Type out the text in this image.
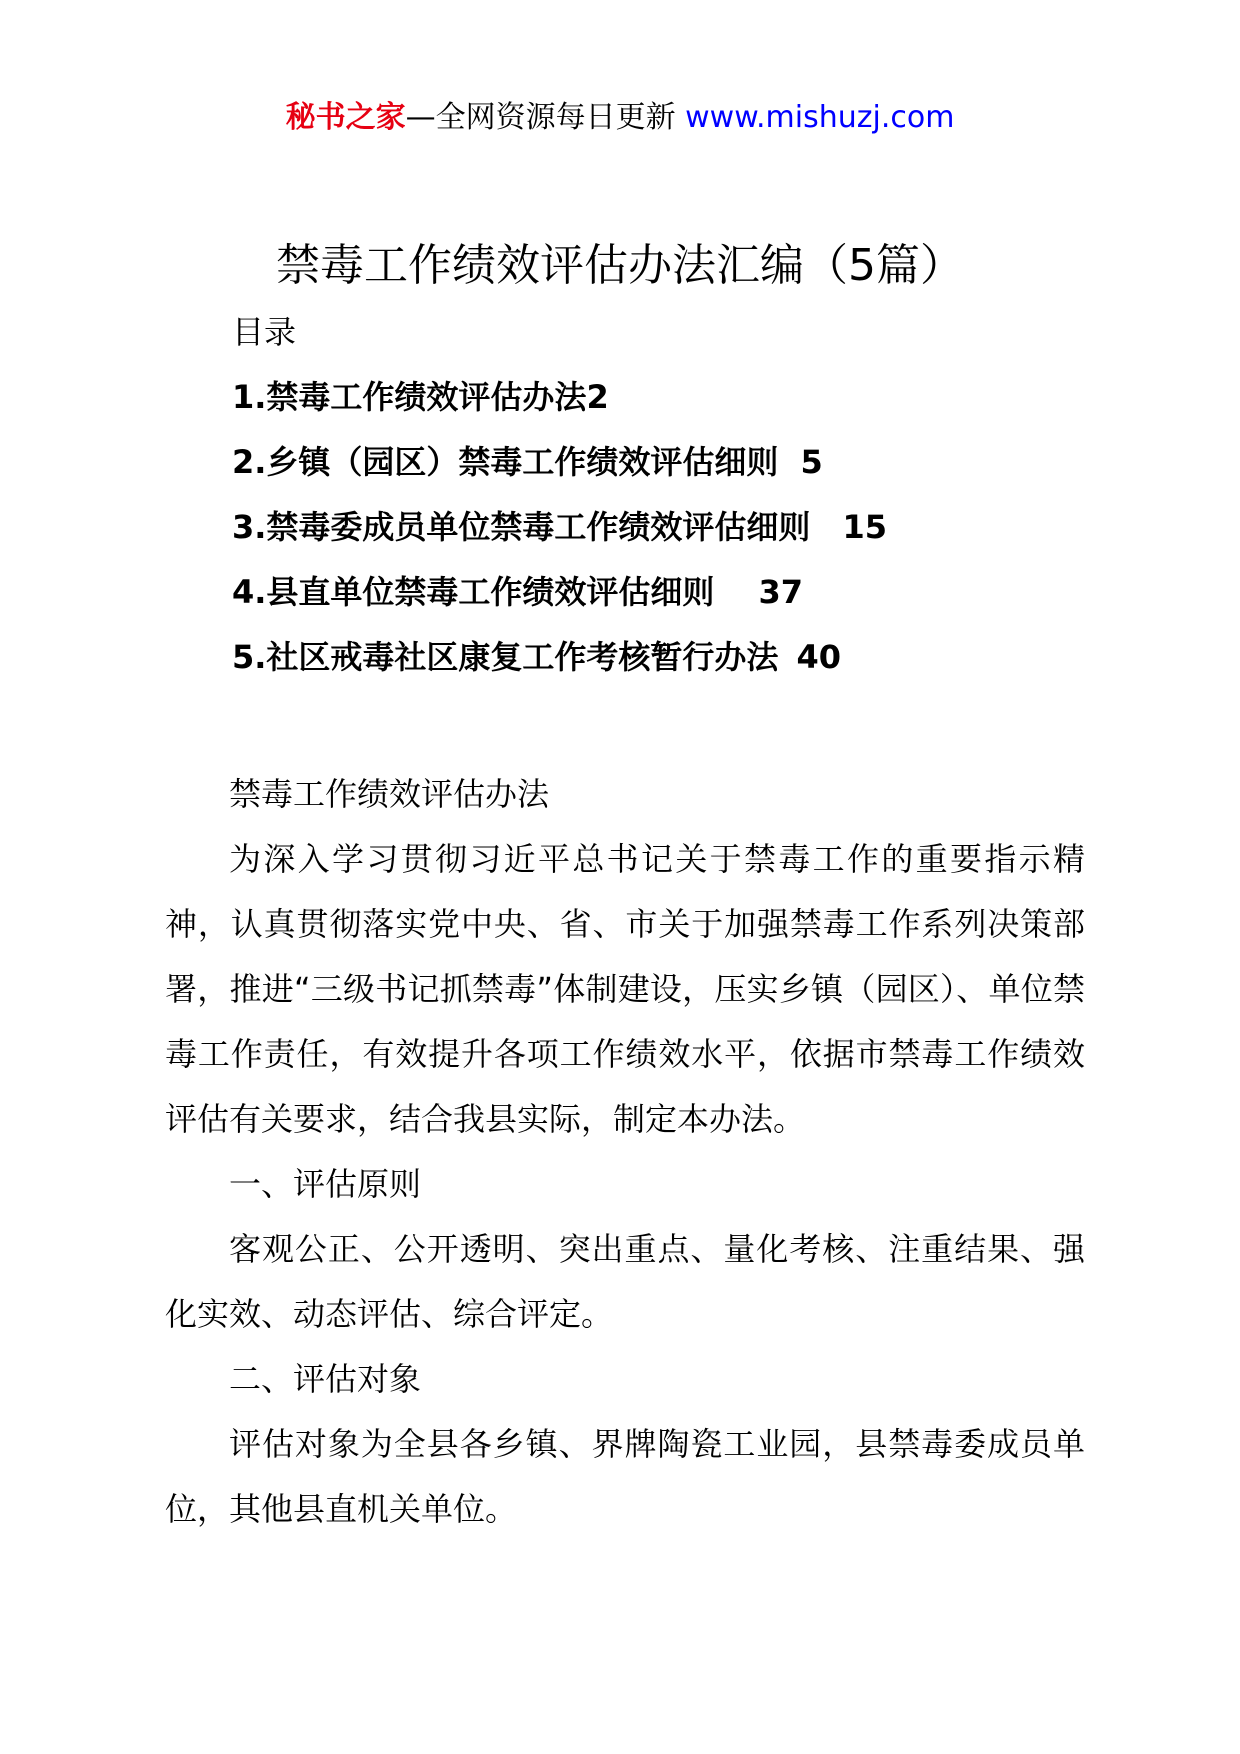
秘书之家—全网资源每日更新 www.mishuzj.com
禁毒工作绩效评估办法汇编（5篇）
目录
1.禁毒工作绩效评估办法2
2.乡镇（园区）禁毒工作绩效评估细则 5
3.禁毒委成员单位禁毒工作绩效评估细则 15
4.县直单位禁毒工作绩效评估细则 37
5.社区戒毒社区康复工作考核暂行办法 40

禁毒工作绩效评估办法

为深入学习贯彻习近平总书记关于禁毒工作的重要指示精神，认真贯彻落实党中央、省、市关于加强禁毒工作系列决策部署，推进“三级书记抓禁毒”体制建设，压实乡镇（园区）、单位禁毒工作责任，有效提升各项工作绩效水平，依据市禁毒工作绩效评估有关要求，结合我县实际，制定本办法。

一、评估原则

客观公正、公开透明、突出重点、量化考核、注重结果、强化实效、动态评估、综合评定。

二、评估对象

评估对象为全县各乡镇、界牌陶瓷工业园，县禁毒委成员单位，其他县直机关单位。
